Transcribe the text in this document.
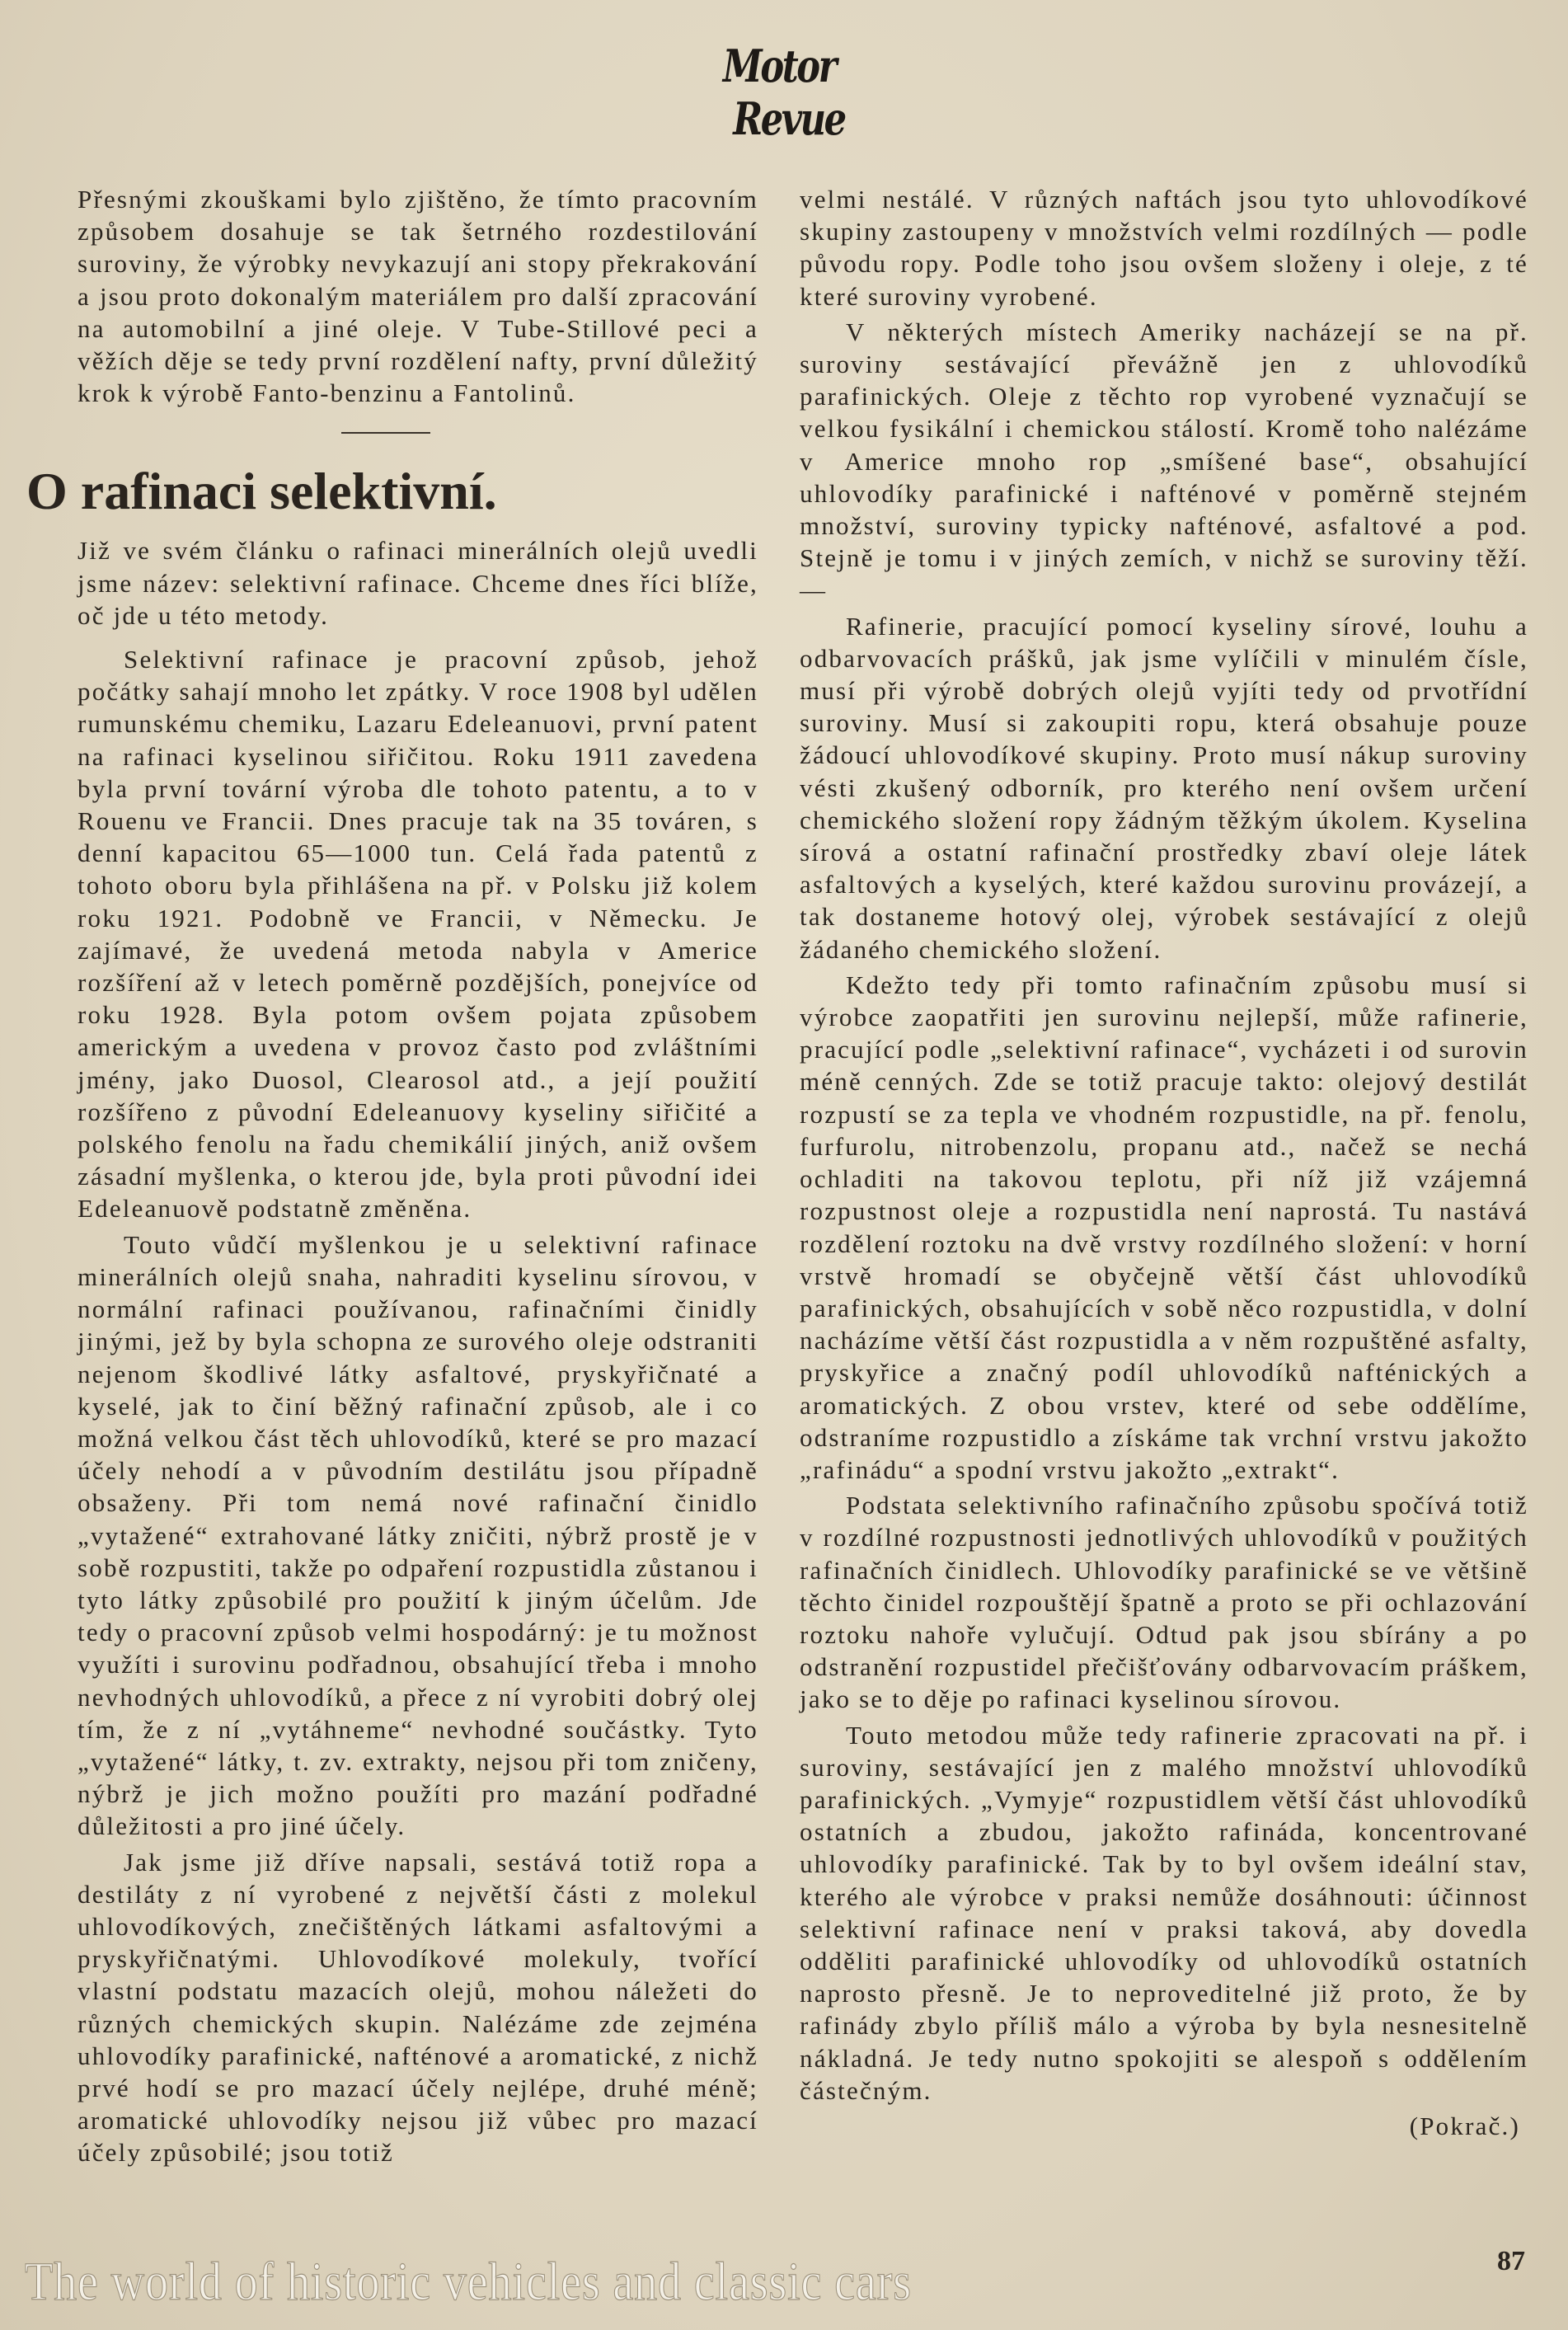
Motor
Revue

Přesnými zkouškami bylo zjištěno, že tímto pracovním způsobem dosahuje se tak šetrného rozdestilování suroviny, že výrobky nevykazují ani stopy překrakování a jsou proto dokonalým materiálem pro další zpracování na automobilní a jiné oleje. V Tube-Stillové peci a věžích děje se tedy první rozdělení nafty, první důležitý krok k výrobě Fanto-benzinu a Fantolinů.

O rafinaci selektivní.

Již ve svém článku o rafinaci minerálních olejů uvedli jsme název: selektivní rafinace. Chceme dnes říci blíže, oč jde u této metody.

Selektivní rafinace je pracovní způsob, jehož počátky sahají mnoho let zpátky. V roce 1908 byl udělen rumunskému chemiku, Lazaru Edeleanuovi, první patent na rafinaci kyselinou siřičitou. Roku 1911 zavedena byla první tovární výroba dle tohoto patentu, a to v Rouenu ve Francii. Dnes pracuje tak na 35 továren, s denní kapacitou 65—1000 tun. Celá řada patentů z tohoto oboru byla přihlášena na př. v Polsku již kolem roku 1921. Podobně ve Francii, v Německu. Je zajímavé, že uvedená metoda nabyla v Americe rozšíření až v letech poměrně pozdějších, ponejvíce od roku 1928. Byla potom ovšem pojata způsobem americkým a uvedena v provoz často pod zvláštními jmény, jako Duosol, Clearosol atd., a její použití rozšířeno z původní Edeleanuovy kyseliny siřičité a polského fenolu na řadu chemikálií jiných, aniž ovšem zásadní myšlenka, o kterou jde, byla proti původní idei Edeleanuově podstatně změněna.

Touto vůdčí myšlenkou je u selektivní rafinace minerálních olejů snaha, nahraditi kyselinu sírovou, v normální rafinaci používanou, rafinačními činidly jinými, jež by byla schopna ze surového oleje odstraniti nejenom škodlivé látky asfaltové, pryskyřičnaté a kyselé, jak to činí běžný rafinační způsob, ale i co možná velkou část těch uhlovodíků, které se pro mazací účely nehodí a v původním destilátu jsou případně obsaženy. Při tom nemá nové rafinační činidlo „vytažené“ extrahované látky zničiti, nýbrž prostě je v sobě rozpustiti, takže po odpaření rozpustidla zůstanou i tyto látky způsobilé pro použití k jiným účelům. Jde tedy o pracovní způsob velmi hospodárný: je tu možnost využíti i surovinu podřadnou, obsahující třeba i mnoho nevhodných uhlovodíků, a přece z ní vyrobiti dobrý olej tím, že z ní „vytáhneme“ nevhodné součástky. Tyto „vytažené“ látky, t. zv. extrakty, nejsou při tom zničeny, nýbrž je jich možno použíti pro mazání podřadné důležitosti a pro jiné účely.

Jak jsme již dříve napsali, sestává totiž ropa a destiláty z ní vyrobené z největší části z molekul uhlovodíkových, znečištěných látkami asfaltovými a pryskyřičnatými. Uhlovodíkové molekuly, tvořící vlastní podstatu mazacích olejů, mohou náležeti do různých chemických skupin. Nalézáme zde zejména uhlovodíky parafinické, nafténové a aromatické, z nichž prvé hodí se pro mazací účely nejlépe, druhé méně; aromatické uhlovodíky nejsou již vůbec pro mazací účely způsobilé; jsou totiž

velmi nestálé. V různých naftách jsou tyto uhlovodíkové skupiny zastoupeny v množstvích velmi rozdílných — podle původu ropy. Podle toho jsou ovšem složeny i oleje, z té které suroviny vyrobené.

V některých místech Ameriky nacházejí se na př. suroviny sestávající převážně jen z uhlovodíků parafinických. Oleje z těchto rop vyrobené vyznačují se velkou fysikální i chemickou stálostí. Kromě toho nalézáme v Americe mnoho rop „smíšené base“, obsahující uhlovodíky parafinické i nafténové v poměrně stejném množství, suroviny typicky nafténové, asfaltové a pod. Stejně je tomu i v jiných zemích, v nichž se suroviny těží. —

Rafinerie, pracující pomocí kyseliny sírové, louhu a odbarvovacích prášků, jak jsme vylíčili v minulém čísle, musí při výrobě dobrých olejů vyjíti tedy od prvotřídní suroviny. Musí si zakoupiti ropu, která obsahuje pouze žádoucí uhlovodíkové skupiny. Proto musí nákup suroviny vésti zkušený odborník, pro kterého není ovšem určení chemického složení ropy žádným těžkým úkolem. Kyselina sírová a ostatní rafinační prostředky zbaví oleje látek asfaltových a kyselých, které každou surovinu provázejí, a tak dostaneme hotový olej, výrobek sestávající z olejů žádaného chemického složení.

Kdežto tedy při tomto rafinačním způsobu musí si výrobce zaopatřiti jen surovinu nejlepší, může rafinerie, pracující podle „selektivní rafinace“, vycházeti i od surovin méně cenných. Zde se totiž pracuje takto: olejový destilát rozpustí se za tepla ve vhodném rozpustidle, na př. fenolu, furfurolu, nitrobenzolu, propanu atd., načež se nechá ochladiti na takovou teplotu, při níž již vzájemná rozpustnost oleje a rozpustidla není naprostá. Tu nastává rozdělení roztoku na dvě vrstvy rozdílného složení: v horní vrstvě hromadí se obyčejně větší část uhlovodíků parafinických, obsahujících v sobě něco rozpustidla, v dolní nacházíme větší část rozpustidla a v něm rozpuštěné asfalty, pryskyřice a značný podíl uhlovodíků nafténických a aromatických. Z obou vrstev, které od sebe oddělíme, odstraníme rozpustidlo a získáme tak vrchní vrstvu jakožto „rafinádu“ a spodní vrstvu jakožto „extrakt“.

Podstata selektivního rafinačního způsobu spočívá totiž v rozdílné rozpustnosti jednotlivých uhlovodíků v použitých rafinačních činidlech. Uhlovodíky parafinické se ve většině těchto činidel rozpouštějí špatně a proto se při ochlazování roztoku nahoře vylučují. Odtud pak jsou sbírány a po odstranění rozpustidel přečišťovány odbarvovacím práškem, jako se to děje po rafinaci kyselinou sírovou.

Touto metodou může tedy rafinerie zpracovati na př. i suroviny, sestávající jen z malého množství uhlovodíků parafinických. „Vymyje“ rozpustidlem větší část uhlovodíků ostatních a zbudou, jakožto rafináda, koncentrované uhlovodíky parafinické. Tak by to byl ovšem ideální stav, kterého ale výrobce v praksi nemůže dosáhnouti: účinnost selektivní rafinace není v praksi taková, aby dovedla odděliti parafinické uhlovodíky od uhlovodíků ostatních naprosto přesně. Je to neproveditelné již proto, že by rafinády zbylo příliš málo a výroba by byla nesnesitelně nákladná. Je tedy nutno spokojiti se alespoň s oddělením částečným.

(Pokrač.)

The world of historic vehicles and classic cars	87
